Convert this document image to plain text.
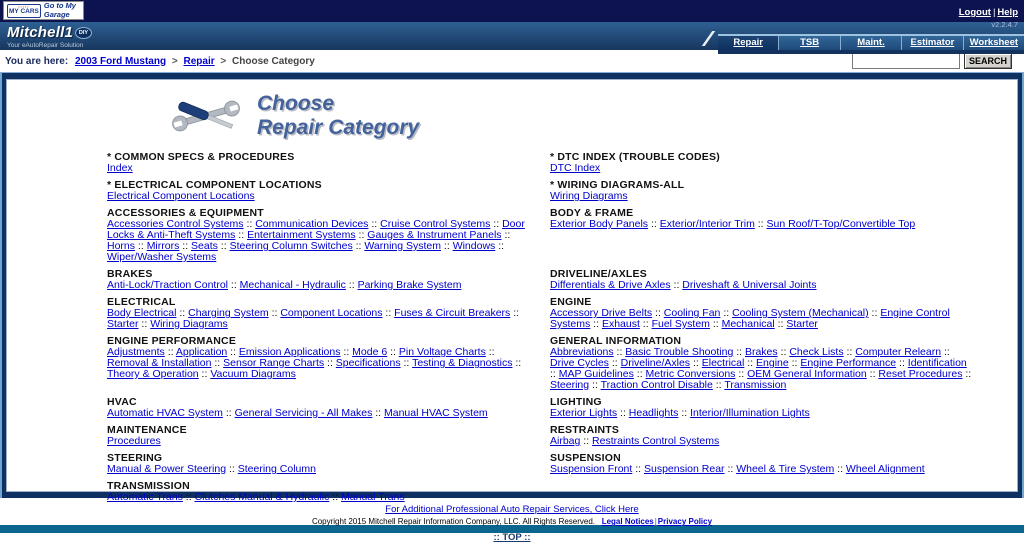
▪▪▪▪▪
MY CARS
Go to My Garage	Logout | Help
v2.2.4.7
Mitchell1	DIY
Your eAutoRepair Solution	Repair	TSB	Maint.	Estimator	Worksheet
You are here: 2003 Ford Mustang > Repair > Choose Category	SEARCH
Choose
Repair Category
* COMMON SPECS & PROCEDURES
Index
* DTC INDEX (TROUBLE CODES)
DTC Index
* ELECTRICAL COMPONENT LOCATIONS
Electrical Component Locations
* WIRING DIAGRAMS-ALL
Wiring Diagrams
ACCESSORIES & EQUIPMENT
Accessories Control Systems :: Communication Devices :: Cruise Control Systems :: Door Locks & Anti-Theft Systems :: Entertainment Systems :: Gauges & Instrument Panels :: Horns :: Mirrors :: Seats :: Steering Column Switches :: Warning System :: Windows :: Wiper/Washer Systems
BODY & FRAME
Exterior Body Panels :: Exterior/Interior Trim :: Sun Roof/T-Top/Convertible Top
BRAKES
Anti-Lock/Traction Control :: Mechanical - Hydraulic :: Parking Brake System
DRIVELINE/AXLES
Differentials & Drive Axles :: Driveshaft & Universal Joints
ELECTRICAL
Body Electrical :: Charging System :: Component Locations :: Fuses & Circuit Breakers :: Starter :: Wiring Diagrams
ENGINE
Accessory Drive Belts :: Cooling Fan :: Cooling System (Mechanical) :: Engine Control Systems :: Exhaust :: Fuel System :: Mechanical :: Starter
ENGINE PERFORMANCE
Adjustments :: Application :: Emission Applications :: Mode 6 :: Pin Voltage Charts :: Removal & Installation :: Sensor Range Charts :: Specifications :: Testing & Diagnostics :: Theory & Operation :: Vacuum Diagrams
GENERAL INFORMATION
Abbreviations :: Basic Trouble Shooting :: Brakes :: Check Lists :: Computer Relearn :: Drive Cycles :: Driveline/Axles :: Electrical :: Engine :: Engine Performance :: Identification :: MAP Guidelines :: Metric Conversions :: OEM General Information :: Reset Procedures :: Steering :: Traction Control Disable :: Transmission
HVAC
Automatic HVAC System :: General Servicing - All Makes :: Manual HVAC System
LIGHTING
Exterior Lights :: Headlights :: Interior/Illumination Lights
MAINTENANCE
Procedures
RESTRAINTS
Airbag :: Restraints Control Systems
STEERING
Manual & Power Steering :: Steering Column
SUSPENSION
Suspension Front :: Suspension Rear :: Wheel & Tire System :: Wheel Alignment
TRANSMISSION
Automatic Trans :: Clutches Manual & Hydraulic :: Manual Trans
For Additional Professional Auto Repair Services, Click Here
Copyright 2015 Mitchell Repair Information Company, LLC. All Rights Reserved. Legal Notices|Privacy Policy
:: TOP ::
